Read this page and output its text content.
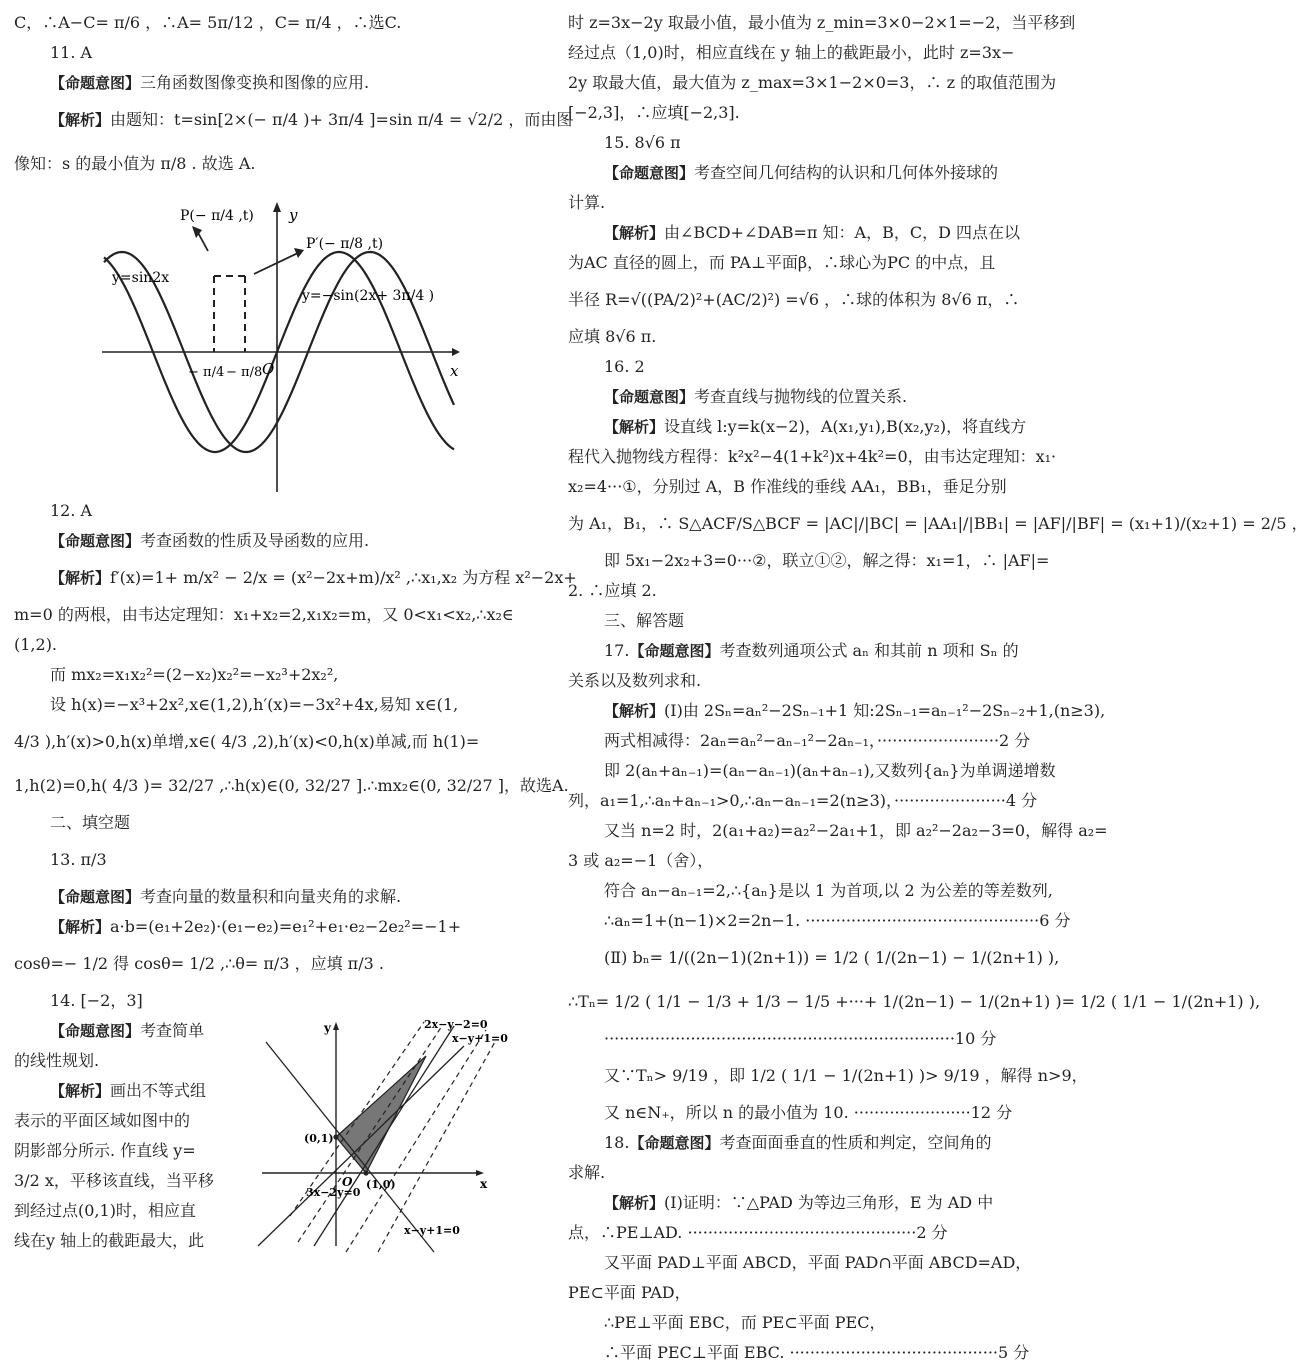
C，∴A−C= π/6 ，∴A= 5π/12 ，C= π/4 ，∴选C.
11. A
【命题意图】三角函数图像变换和图像的应用.
【解析】由题知：t=sin[2×(− π/4 )+ 3π/4 ]=sin π/4 = √2/2 ，而由图
像知：s 的最小值为 π/8 . 故选 A.
y
x
O
y=sin2x
y=−sin(2x+ 3π/4 )
P(− π/4 ,t)
P′(− π/8 ,t)
− π/4 − π/8
12. A
【命题意图】考查函数的性质及导函数的应用.
【解析】f′(x)=1+ m/x² − 2/x = (x²−2x+m)/x² ,∴x₁,x₂ 为方程 x²−2x+
m=0 的两根，由韦达定理知：x₁+x₂=2,x₁x₂=m，又 0<x₁<x₂,∴x₂∈
(1,2).
而 mx₂=x₁x₂²=(2−x₂)x₂²=−x₂³+2x₂²,
设 h(x)=−x³+2x²,x∈(1,2),h′(x)=−3x²+4x,易知 x∈(1,
4/3 ),h′(x)>0,h(x)单增,x∈( 4/3 ,2),h′(x)<0,h(x)单减,而 h(1)=
1,h(2)=0,h( 4/3 )= 32/27 ,∴h(x)∈(0, 32/27 ].∴mx₂∈(0, 32/27 ]，故选A.
二、填空题
13. π/3
【命题意图】考查向量的数量积和向量夹角的求解.
【解析】a·b=(e₁+2e₂)·(e₁−e₂)=e₁²+e₁·e₂−2e₂²=−1+
cosθ=− 1/2 得 cosθ= 1/2 ,∴θ= π/3 ，应填 π/3 .
14. [−2，3]
【命题意图】考查简单
的线性规划.
【解析】画出不等式组
表示的平面区域如图中的
阴影部分所示. 作直线 y=
3/2 x，平移该直线，当平移
到经过点(0,1)时，相应直
线在y 轴上的截距最大，此
y
x
O
2x−y−2=0
x−y+1=0
3x−2y=0
x−y+1=0
(0,1)
(1,0)
时 z=3x−2y 取最小值，最小值为 z_min=3×0−2×1=−2，当平移到
经过点（1,0)时，相应直线在 y 轴上的截距最小，此时 z=3x−
2y 取最大值，最大值为 z_max=3×1−2×0=3，∴ z 的取值范围为
[−2,3]，∴应填[−2,3].
15. 8√6 π
【命题意图】考查空间几何结构的认识和几何体外接球的
计算.
【解析】由∠BCD+∠DAB=π 知：A，B，C，D 四点在以
为AC 直径的圆上，而 PA⊥平面β，∴球心为PC 的中点，且
半径 R=√((PA/2)²+(AC/2)²) =√6 ，∴球的体积为 8√6 π，∴
应填 8√6 π.
16. 2
【命题意图】考查直线与抛物线的位置关系.
【解析】设直线 l:y=k(x−2)，A(x₁,y₁),B(x₂,y₂)，将直线方
程代入抛物线方程得：k²x²−4(1+k²)x+4k²=0，由韦达定理知：x₁·
x₂=4···①，分别过 A，B 作准线的垂线 AA₁，BB₁，垂足分别
为 A₁，B₁，∴ S△ACF/S△BCF = |AC|/|BC| = |AA₁|/|BB₁| = |AF|/|BF| = (x₁+1)/(x₂+1) = 2/5 ，
即 5x₁−2x₂+3=0···②，联立①②，解之得：x₁=1，∴ |AF|=
2. ∴应填 2.
三、解答题
17.【命题意图】考查数列通项公式 aₙ 和其前 n 项和 Sₙ 的
关系以及数列求和.
【解析】(Ⅰ)由 2Sₙ=aₙ²−2Sₙ₋₁+1 知:2Sₙ₋₁=aₙ₋₁²−2Sₙ₋₂+1,(n≥3),
两式相减得：2aₙ=aₙ²−aₙ₋₁²−2aₙ₋₁，························2 分
即 2(aₙ+aₙ₋₁)=(aₙ−aₙ₋₁)(aₙ+aₙ₋₁),又数列{aₙ}为单调递增数
列，a₁=1,∴aₙ+aₙ₋₁>0,∴aₙ−aₙ₋₁=2(n≥3)，······················4 分
又当 n=2 时，2(a₁+a₂)=a₂²−2a₁+1，即 a₂²−2a₂−3=0，解得 a₂=
3 或 a₂=−1（舍），
符合 aₙ−aₙ₋₁=2,∴{aₙ}是以 1 为首项,以 2 为公差的等差数列,
∴aₙ=1+(n−1)×2=2n−1. ··············································6 分
(Ⅱ) bₙ= 1/((2n−1)(2n+1)) = 1/2 ( 1/(2n−1) − 1/(2n+1) ),
∴Tₙ= 1/2 ( 1/1 − 1/3 + 1/3 − 1/5 +···+ 1/(2n−1) − 1/(2n+1) )= 1/2 ( 1/1 − 1/(2n+1) ),
·····································································10 分
又∵Tₙ> 9/19 ，即 1/2 ( 1/1 − 1/(2n+1) )> 9/19 ，解得 n>9，
又 n∈N₊，所以 n 的最小值为 10. ·······················12 分
18.【命题意图】考查面面垂直的性质和判定，空间角的
求解.
【解析】(Ⅰ)证明：∵△PAD 为等边三角形，E 为 AD 中
点，∴PE⊥AD. ·············································2 分
又平面 PAD⊥平面 ABCD，平面 PAD∩平面 ABCD=AD，
PE⊂平面 PAD，
∴PE⊥平面 EBC，而 PE⊂平面 PEC，
∴平面 PEC⊥平面 EBC. ·········································5 分
